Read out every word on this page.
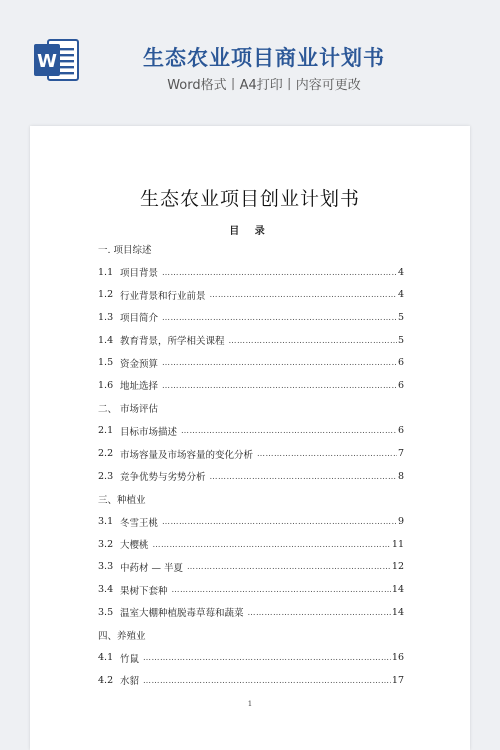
W	生态农业项目商业计划书
Word格式丨A4打印丨内容可更改
生态农业项目创业计划书
目 录
一. 项目综述
1.1 项目背景 ……………………………………………………………………………………………………………………………………………………………………	4
1.2 行业背景和行业前景 ……………………………………………………………………………………………………………………………………………………………………	4
1.3 项目简介 ……………………………………………………………………………………………………………………………………………………………………	5
1.4 教育背景，所学相关课程 ……………………………………………………………………………………………………………………………………………………………………	5
1.5 资金预算 ……………………………………………………………………………………………………………………………………………………………………	6
1.6 地址选择 ……………………………………………………………………………………………………………………………………………………………………	6
二、 市场评估
2.1 目标市场描述 ……………………………………………………………………………………………………………………………………………………………………	6
2.2 市场容量及市场容量的变化分析 ……………………………………………………………………………………………………………………………………………………………………	7
2.3 竞争优势与劣势分析 ……………………………………………………………………………………………………………………………………………………………………	8
三、种植业
3.1 冬雪王桃 ……………………………………………………………………………………………………………………………………………………………………	9
3.2 大樱桃 ……………………………………………………………………………………………………………………………………………………………………	11
3.3 中药材 — 半夏 ……………………………………………………………………………………………………………………………………………………………………	12
3.4 果树下套种 ……………………………………………………………………………………………………………………………………………………………………	14
3.5 温室大棚种植脱毒草莓和蔬菜 ……………………………………………………………………………………………………………………………………………………………………	14
四、养殖业
4.1 竹鼠 ……………………………………………………………………………………………………………………………………………………………………	16
4.2 水貂 ……………………………………………………………………………………………………………………………………………………………………	17
1
